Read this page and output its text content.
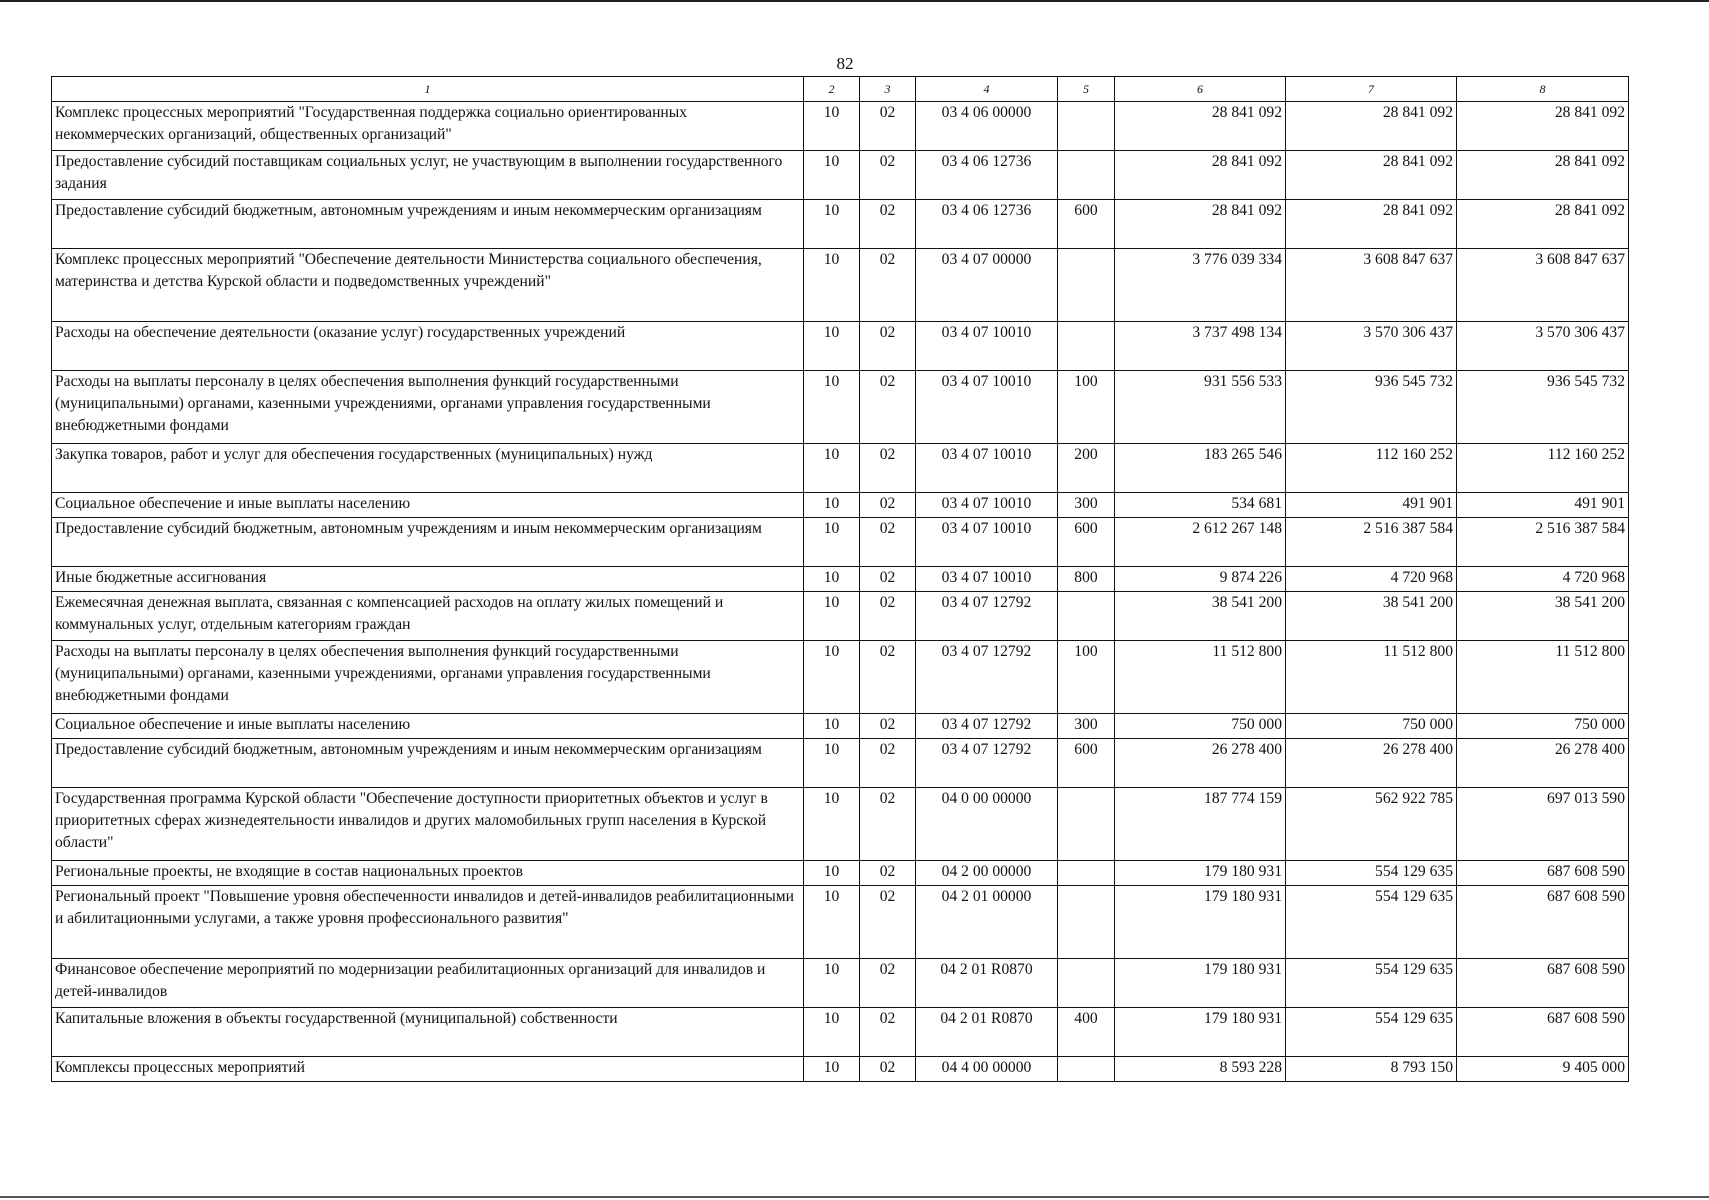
82
1	2	3	4	5	6	7	8
Комплекс процессных мероприятий "Государственная поддержка социально ориентированных некоммерческих организаций, общественных организаций"	10	02	03 4 06 00000		28 841 092	28 841 092	28 841 092
Предоставление субсидий поставщикам социальных услуг, не участвующим в выполнении государственного задания	10	02	03 4 06 12736		28 841 092	28 841 092	28 841 092
Предоставление субсидий бюджетным, автономным учреждениям и иным некоммерческим организациям	10	02	03 4 06 12736	600	28 841 092	28 841 092	28 841 092
Комплекс процессных мероприятий "Обеспечение деятельности Министерства социального обеспечения, материнства и детства Курской области и подведомственных учреждений"	10	02	03 4 07 00000		3 776 039 334	3 608 847 637	3 608 847 637
Расходы на обеспечение деятельности (оказание услуг) государственных учреждений	10	02	03 4 07 10010		3 737 498 134	3 570 306 437	3 570 306 437
Расходы на выплаты персоналу в целях обеспечения выполнения функций государственными (муниципальными) органами, казенными учреждениями, органами управления государственными внебюджетными фондами	10	02	03 4 07 10010	100	931 556 533	936 545 732	936 545 732
Закупка товаров, работ и услуг для обеспечения государственных (муниципальных) нужд	10	02	03 4 07 10010	200	183 265 546	112 160 252	112 160 252
Социальное обеспечение и иные выплаты населению	10	02	03 4 07 10010	300	534 681	491 901	491 901
Предоставление субсидий бюджетным, автономным учреждениям и иным некоммерческим организациям	10	02	03 4 07 10010	600	2 612 267 148	2 516 387 584	2 516 387 584
Иные бюджетные ассигнования	10	02	03 4 07 10010	800	9 874 226	4 720 968	4 720 968
Ежемесячная денежная выплата, связанная с компенсацией расходов на оплату жилых помещений и коммунальных услуг, отдельным категориям граждан	10	02	03 4 07 12792		38 541 200	38 541 200	38 541 200
Расходы на выплаты персоналу в целях обеспечения выполнения функций государственными (муниципальными) органами, казенными учреждениями, органами управления государственными внебюджетными фондами	10	02	03 4 07 12792	100	11 512 800	11 512 800	11 512 800
Социальное обеспечение и иные выплаты населению	10	02	03 4 07 12792	300	750 000	750 000	750 000
Предоставление субсидий бюджетным, автономным учреждениям и иным некоммерческим организациям	10	02	03 4 07 12792	600	26 278 400	26 278 400	26 278 400
Государственная программа Курской области "Обеспечение доступности приоритетных объектов и услуг в приоритетных сферах жизнедеятельности инвалидов и других маломобильных групп населения в Курской области"	10	02	04 0 00 00000		187 774 159	562 922 785	697 013 590
Региональные проекты, не входящие в состав национальных проектов	10	02	04 2 00 00000		179 180 931	554 129 635	687 608 590
Региональный проект "Повышение уровня обеспеченности инвалидов и детей-инвалидов реабилитационными и абилитационными услугами, а также уровня профессионального развития"	10	02	04 2 01 00000		179 180 931	554 129 635	687 608 590
Финансовое обеспечение мероприятий по модернизации реабилитационных организаций для инвалидов и детей-инвалидов	10	02	04 2 01 R0870		179 180 931	554 129 635	687 608 590
Капитальные вложения в объекты государственной (муниципальной) собственности	10	02	04 2 01 R0870	400	179 180 931	554 129 635	687 608 590
Комплексы процессных мероприятий	10	02	04 4 00 00000		8 593 228	8 793 150	9 405 000
